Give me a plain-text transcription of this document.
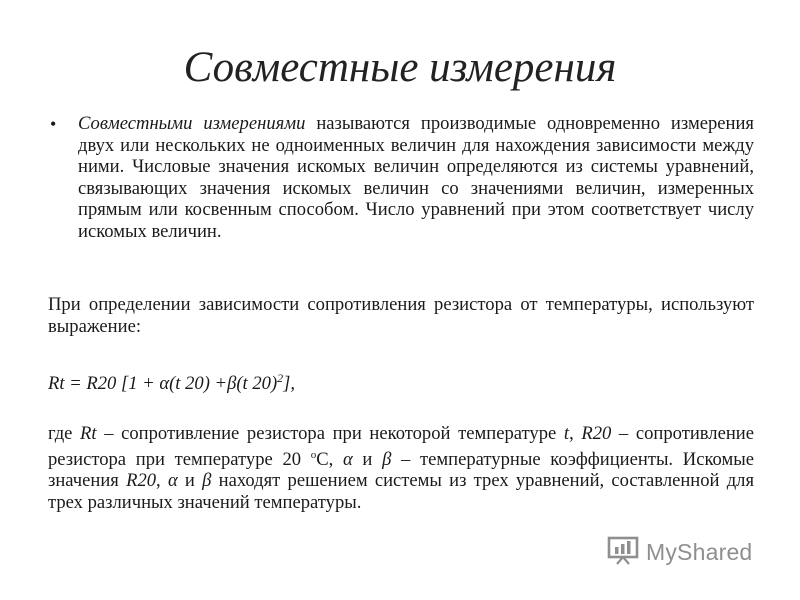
Совместные измерения
• Совместными измерениями называются производимые одновременно измерения двух или нескольких не одноименных величин для нахождения зависимости между ними. Числовые значения искомых величин определяются из системы уравнений, связывающих значения искомых величин со значениями величин, измеренных прямым или косвенным способом. Число уравнений при этом соответствует числу искомых величин.
При определении зависимости сопротивления резистора от температуры, используют выражение:
Rt = R20 [1 + α(t 20) +β(t 20)$^2$],
где Rt – сопротивление резистора при некоторой температуре t, R20 – сопротивление резистора при температуре 20 $^o$С, α и β – температурные коэффициенты. Искомые значения R20, α и β находят решением системы из трех уравнений, составленной для трех различных значений температуры.
MyShared
